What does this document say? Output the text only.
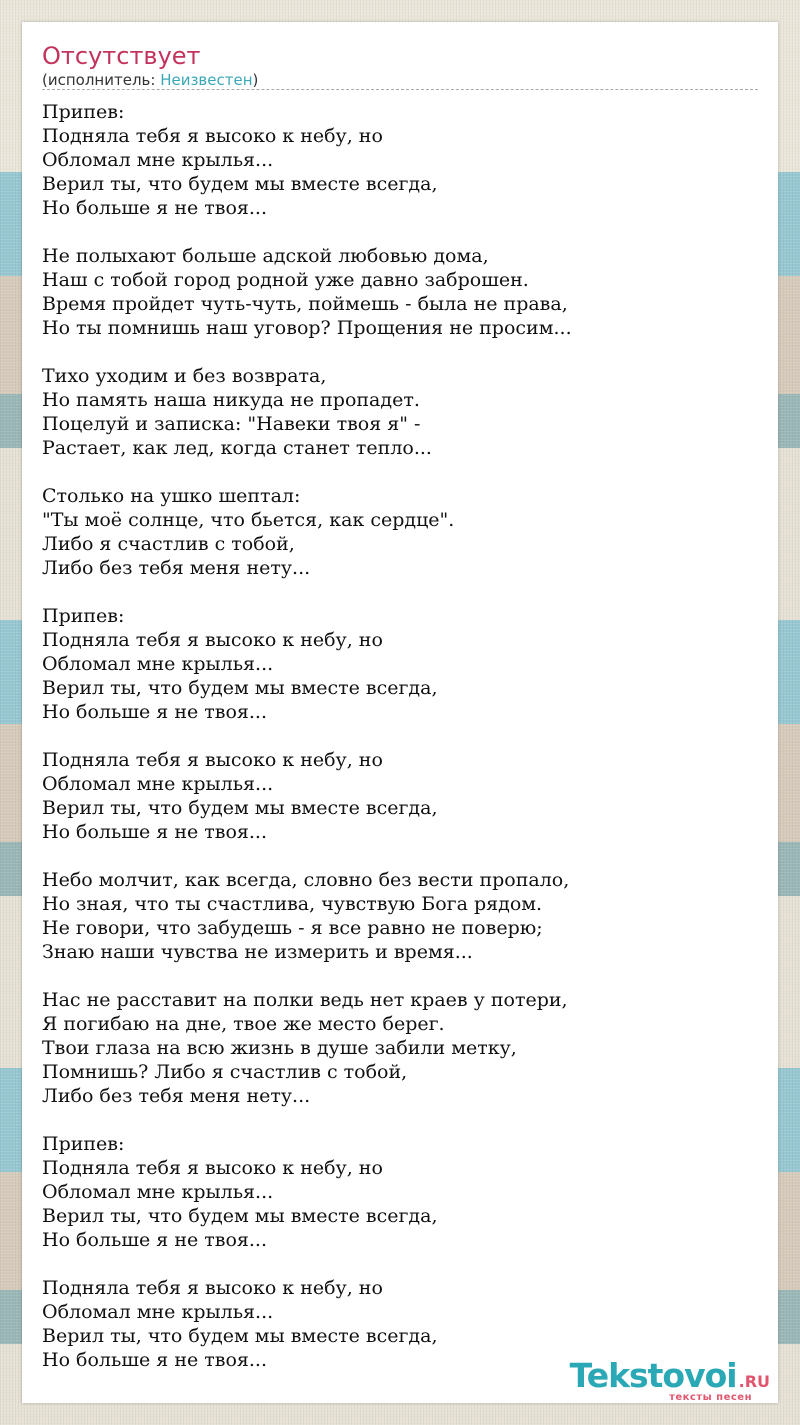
Отсутствует
(исполнитель: Неизвестен)
Припев:
Подняла тебя я высоко к небу, но
Обломал мне крылья...
Верил ты, что будем мы вместе всегда,
Но больше я не твоя...
Не полыхают больше адской любовью дома,
Наш с тобой город родной уже давно заброшен.
Время пройдет чуть-чуть, поймешь - была не права,
Но ты помнишь наш уговор? Прощения не просим...
Тихо уходим и без возврата,
Но память наша никуда не пропадет.
Поцелуй и записка: "Навеки твоя я" -
Растает, как лед, когда станет тепло...
Столько на ушко шептал:
"Ты моё солнце, что бьется, как сердце".
Либо я счастлив с тобой,
Либо без тебя меня нету...
Припев:
Подняла тебя я высоко к небу, но
Обломал мне крылья...
Верил ты, что будем мы вместе всегда,
Но больше я не твоя...
Подняла тебя я высоко к небу, но
Обломал мне крылья...
Верил ты, что будем мы вместе всегда,
Но больше я не твоя...
Небо молчит, как всегда, словно без вести пропало,
Но зная, что ты счастлива, чувствую Бога рядом.
Не говори, что забудешь - я все равно не поверю;
Знаю наши чувства не измерить и время...
Нас не расставит на полки ведь нет краев у потери,
Я погибаю на дне, твое же место берег.
Твои глаза на всю жизнь в душе забили метку,
Помнишь? Либо я счастлив с тобой,
Либо без тебя меня нету...
Припев:
Подняла тебя я высоко к небу, но
Обломал мне крылья...
Верил ты, что будем мы вместе всегда,
Но больше я не твоя...
Подняла тебя я высоко к небу, но
Обломал мне крылья...
Верил ты, что будем мы вместе всегда,
Но больше я не твоя...	Tekstovoi .RU
тексты песен
